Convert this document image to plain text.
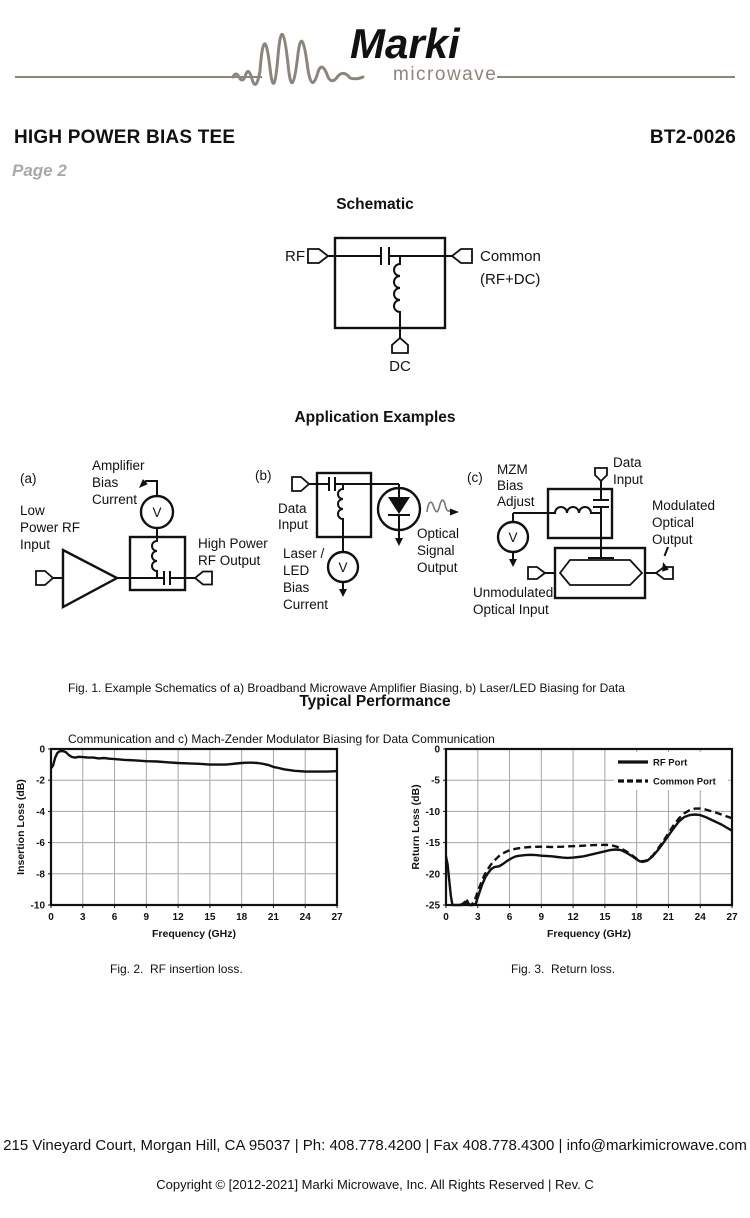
Marki
microwave
HIGH POWER BIAS TEE	BT2-0026
Page 2
Schematic
RF	Common
(RF+DC)
DC
Application Examples
(a)
Amplifier
Bias
Current
V
Low
Power RF
Input	High Power
RF Output
(b)
V
Data
Input
Laser /
LED
Bias
Current
Optical
Signal
Output
(c)
MZM
Bias
Adjust
Data
Input
V
Modulated
Optical
Output
Unmodulated
Optical Input

Fig. 1. Example Schematics of a) Broadband Microwave Amplifier Biasing, b) Laser/LED Biasing for Data

Communication and c) Mach-Zender Modulator Biasing for Data Communication

Typical Performance
0	3	6	9 12 15 18 21 24 27
0
-2
-4
-6
-8
-10
Frequency (GHz)
Insertion Loss (dB)
0	3	6	9 12 15 18 21 24 27
0
-5
-10
-15
-20
-25
Frequency (GHz)
Return Loss (dB)
RF Port
Common Port
Fig. 2.  RF insertion loss.	Fig. 3.  Return loss.
215 Vineyard Court, Morgan Hill, CA 95037 | Ph: 408.778.4200 | Fax 408.778.4300 | info@markimicrowave.com
Copyright © [2012-2021] Marki Microwave, Inc. All Rights Reserved | Rev. C
